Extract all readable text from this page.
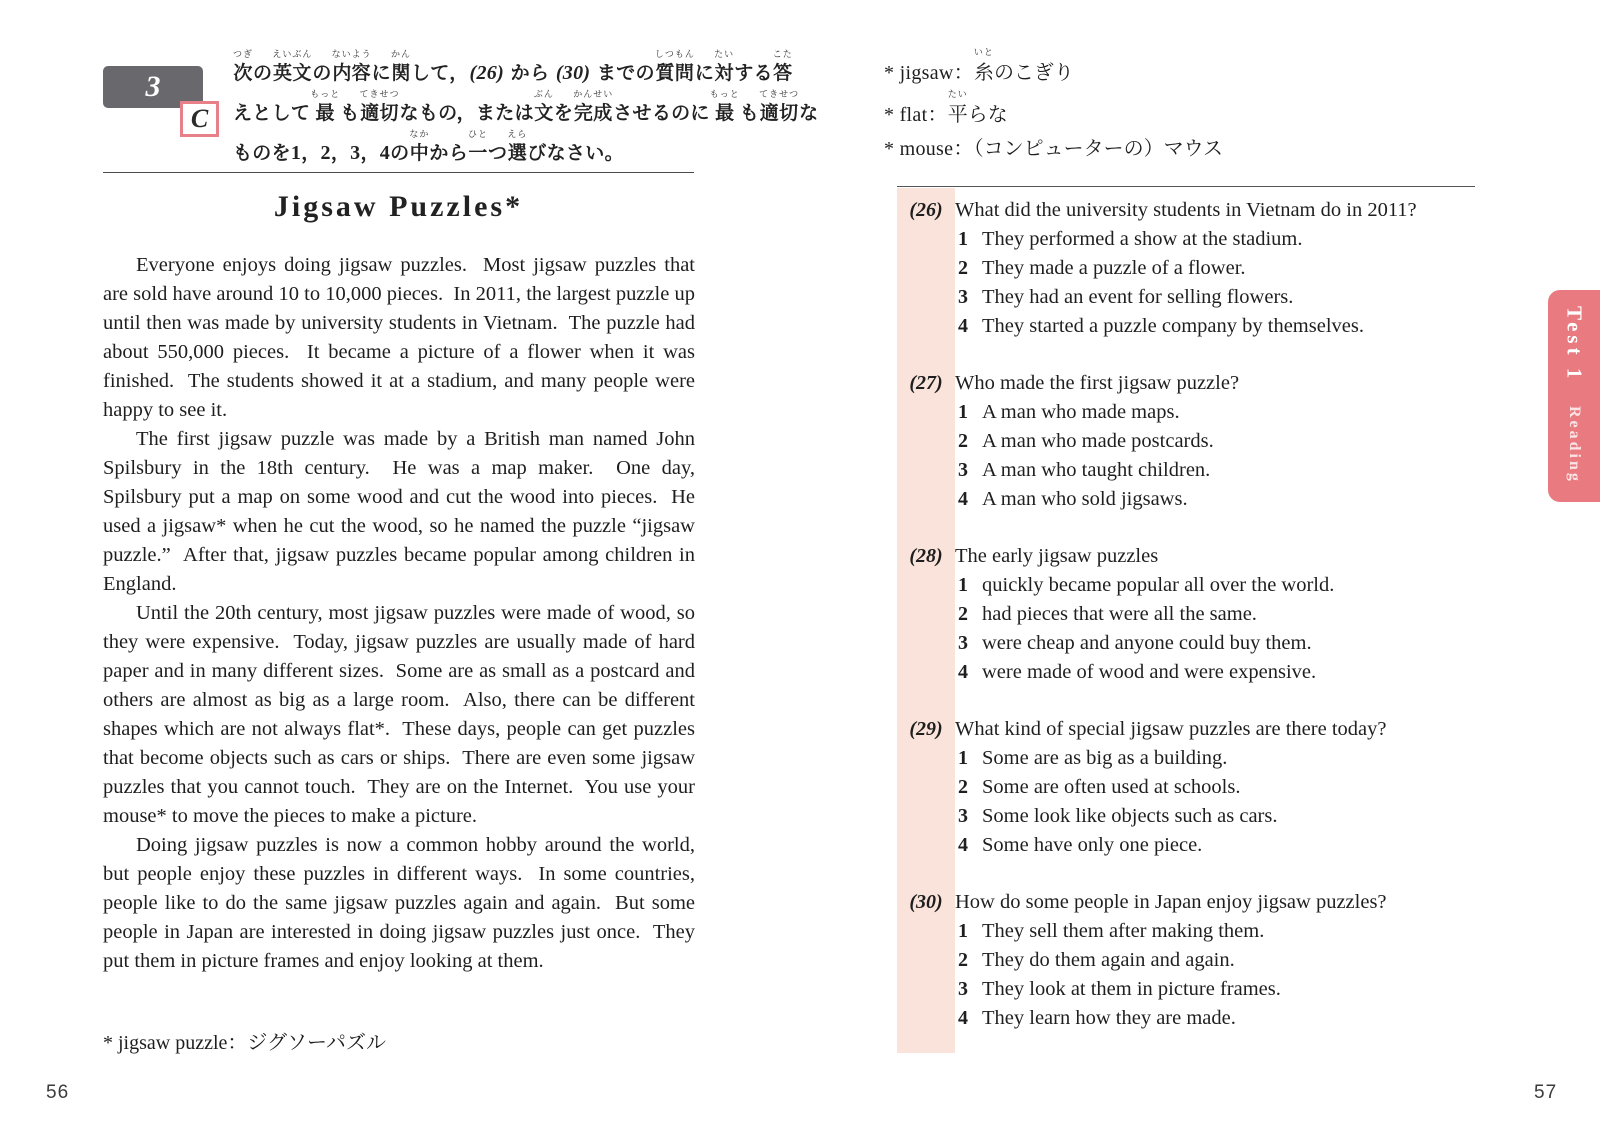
3
C
つぎ
次 の
えいぶん
英文 の
ないよう
内容 に
かん
関 して，(26) から (30) までの
しつもん
質問 に
たい
対 する
こた
答
えとして
もっと
最 も
てきせつ
適切 なもの，または
ぶん
文 を
かんせい
完成 させるのに
もっと
最 も
てきせつ
適切 な
ものを1，2，3，4の
なか
中 から
ひと
一 つ
えら
選 びなさい。
Jigsaw Puzzles*

Everyone enjoys doing jigsaw puzzles.  Most jigsaw puzzles that are sold have around 10 to 10,000 pieces.  In 2011, the largest puzzle up until then was made by university students in Vietnam.  The puzzle had about 550,000 pieces.  It became a picture of a flower when it was finished.  The students showed it at a stadium, and many people were happy to see it.

The first jigsaw puzzle was made by a British man named John Spilsbury in the 18th century.  He was a map maker.  One day, Spilsbury put a map on some wood and cut the wood into pieces.  He used a jigsaw* when he cut the wood, so he named the puzzle “jigsaw puzzle.”  After that, jigsaw puzzles became popular among children in England.

Until the 20th century, most jigsaw puzzles were made of wood, so they were expensive.  Today, jigsaw puzzles are usually made of hard paper and in many different sizes.  Some are as small as a postcard and others are almost as big as a large room.  Also, there can be different shapes which are not always flat*.  These days, people can get puzzles that become objects such as cars or ships.  There are even some jigsaw puzzles that you cannot touch.  They are on the Internet.  You use your mouse* to move the pieces to make a picture.

Doing jigsaw puzzles is now a common hobby around the world, but people enjoy these puzzles in different ways.  In some countries, people like to do the same jigsaw puzzles again and again.  But some people in Japan are interested in doing jigsaw puzzles just once.  They put them in picture frames and enjoy looking at them.

* jigsaw puzzle：ジグソーパズル
56
* jigsaw：
いと
糸 のこぎり
* flat：
たい
平 らな
* mouse：（コンピューターの）マウス
(26) What did the university students in Vietnam do in 2011?
1 They performed a show at the stadium.
2 They made a puzzle of a flower.
3 They had an event for selling flowers.
4 They started a puzzle company by themselves.
(27) Who made the first jigsaw puzzle?
1 A man who made maps.
2 A man who made postcards.
3 A man who taught children.
4 A man who sold jigsaws.
(28) The early jigsaw puzzles
1 quickly became popular all over the world.
2 had pieces that were all the same.
3 were cheap and anyone could buy them.
4 were made of wood and were expensive.
(29) What kind of special jigsaw puzzles are there today?
1 Some are as big as a building.
2 Some are often used at schools.
3 Some look like objects such as cars.
4 Some have only one piece.
(30) How do some people in Japan enjoy jigsaw puzzles?
1 They sell them after making them.
2 They do them again and again.
3 They look at them in picture frames.
4 They learn how they are made.
Test 1
Reading
57
